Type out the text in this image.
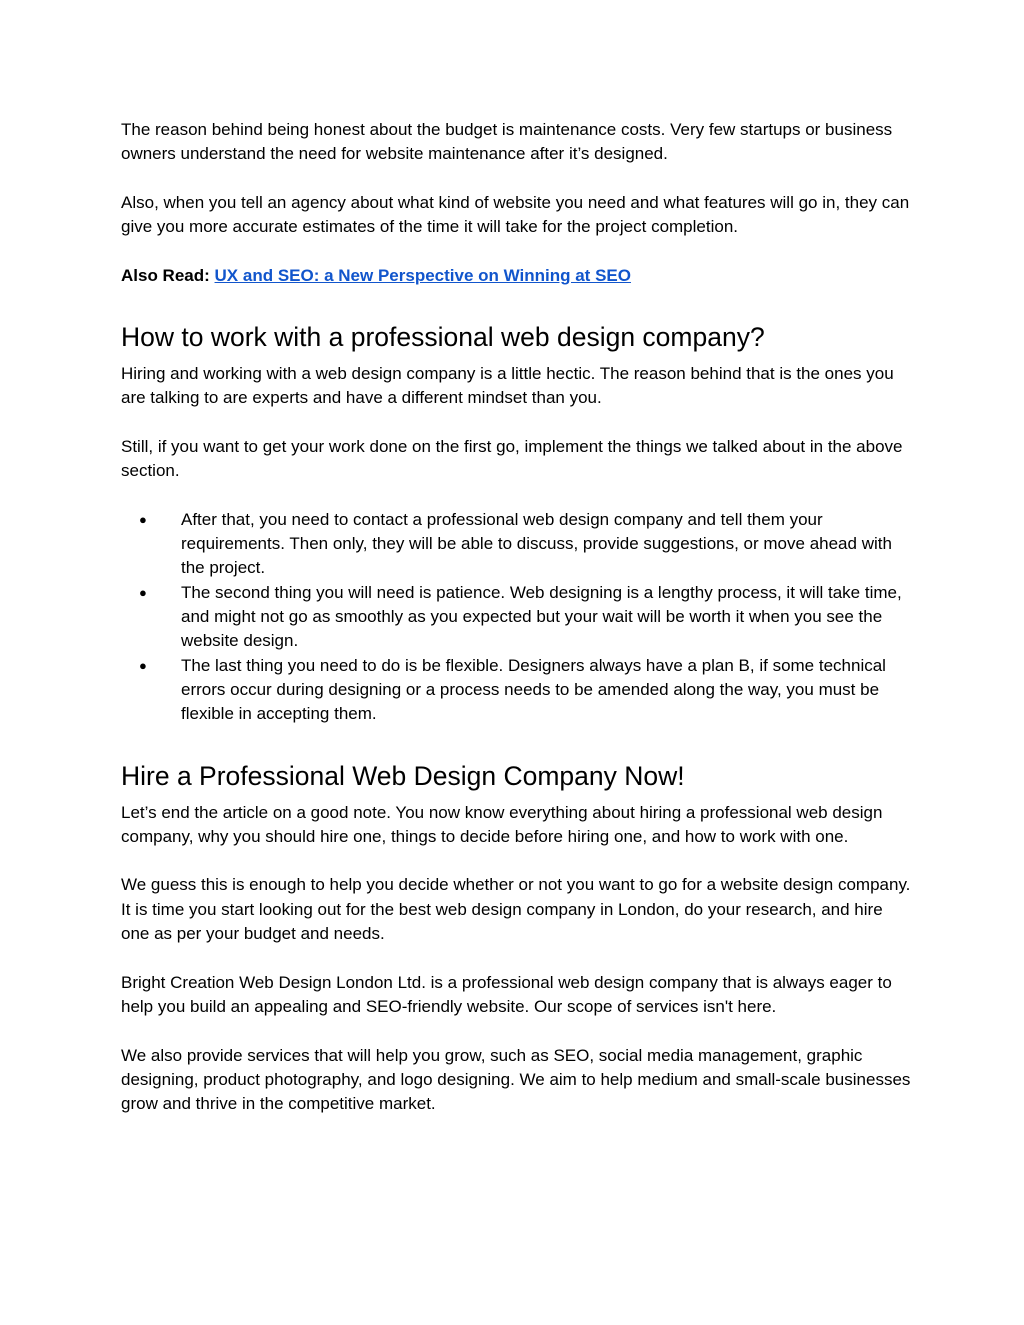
The reason behind being honest about the budget is maintenance costs. Very few startups or business owners understand the need for website maintenance after it’s designed.

Also, when you tell an agency about what kind of website you need and what features will go in, they can give you more accurate estimates of the time it will take for the project completion.

Also Read: UX and SEO: a New Perspective on Winning at SEO

How to work with a professional web design company?

Hiring and working with a web design company is a little hectic. The reason behind that is the ones you are talking to are experts and have a different mindset than you.

Still, if you want to get your work done on the first go, implement the things we talked about in the above section.

● After that, you need to contact a professional web design company and tell them your requirements. Then only, they will be able to discuss, provide suggestions, or move ahead with the project.
● The second thing you will need is patience. Web designing is a lengthy process, it will take time, and might not go as smoothly as you expected but your wait will be worth it when you see the website design.
● The last thing you need to do is be flexible. Designers always have a plan B, if some technical errors occur during designing or a process needs to be amended along the way, you must be flexible in accepting them.
Hire a Professional Web Design Company Now!

Let’s end the article on a good note. You now know everything about hiring a professional web design company, why you should hire one, things to decide before hiring one, and how to work with one.

We guess this is enough to help you decide whether or not you want to go for a website design company. It is time you start looking out for the best web design company in London, do your research, and hire one as per your budget and needs.

Bright Creation Web Design London Ltd. is a professional web design company that is always eager to help you build an appealing and SEO-friendly website. Our scope of services isn't here.

We also provide services that will help you grow, such as SEO, social media management, graphic designing, product photography, and logo designing. We aim to help medium and small-scale businesses grow and thrive in the competitive market.
